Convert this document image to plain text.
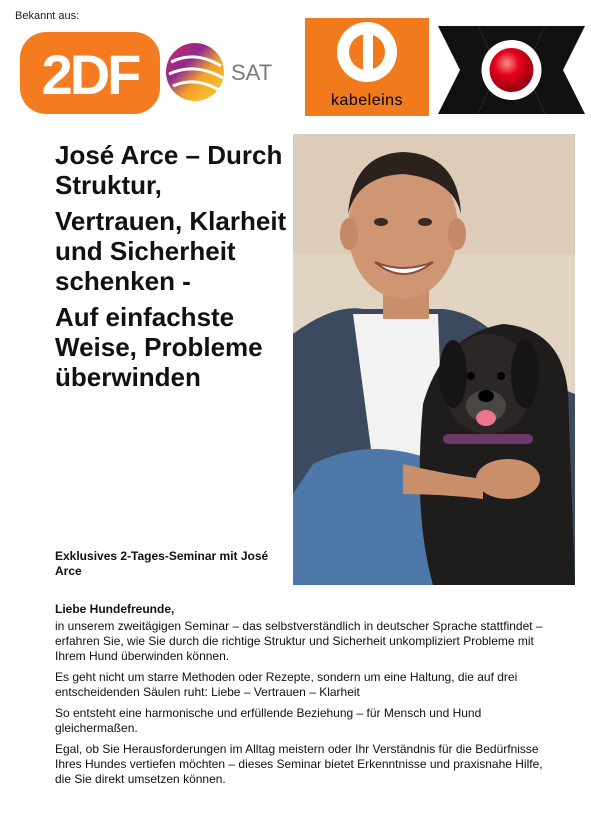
Bekannt aus:
2DF	SAT
kabeleins

José Arce – Durch Struktur,

Vertrauen, Klarheit und Sicherheit schenken -

Auf einfachste Weise, Probleme überwinden

Exklusives 2-Tages-Seminar mit José Arce
Liebe Hundefreunde,

in unserem zweitägigen Seminar – das selbstverständlich in deutscher Sprache stattfindet – erfahren Sie, wie Sie durch die richtige Struktur und Sicherheit unkompliziert Probleme mit Ihrem Hund überwinden können.

Es geht nicht um starre Methoden oder Rezepte, sondern um eine Haltung, die auf drei entscheidenden Säulen ruht: Liebe – Vertrauen – Klarheit

So entsteht eine harmonische und erfüllende Beziehung – für Mensch und Hund gleichermaßen.

Egal, ob Sie Herausforderungen im Alltag meistern oder Ihr Verständnis für die Bedürfnisse Ihres Hundes vertiefen möchten – dieses Seminar bietet Erkenntnisse und praxisnahe Hilfe, die Sie direkt umsetzen können.
